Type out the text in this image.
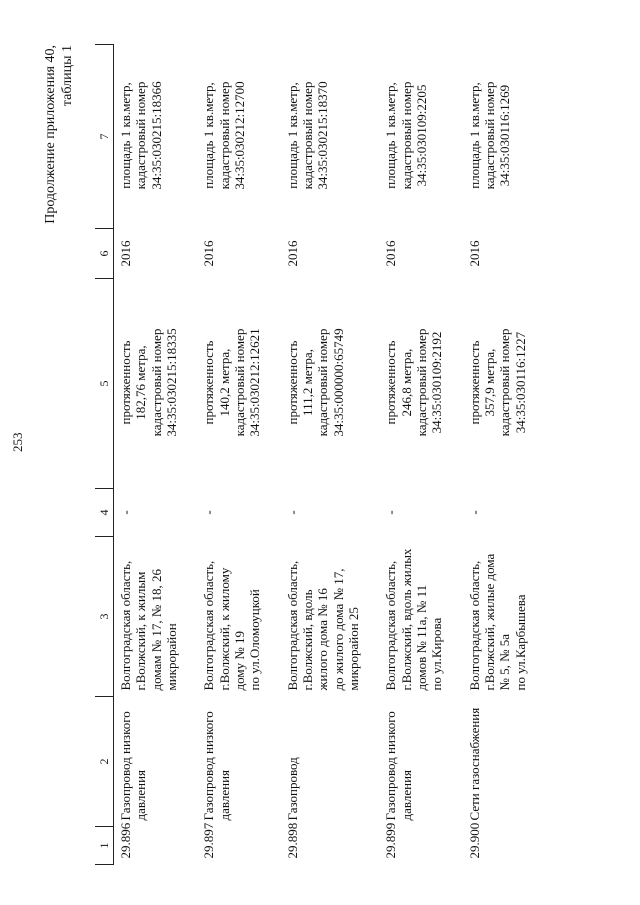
253
Продолжение приложения 40, таблицы 1
1	2	3	4	5	6	7
29.896	Газопровод низкого давления	Волгоградская область, г.Волжский, к жилым домам № 17, № 18, 26 микрорайон	-	протяженность 182,76 метра, кадастровый номер 34:35:030215:18335	2016	площадь 1 кв.метр, кадастровый номер 34:35:030215:18366

29.897	Газопровод низкого давления	Волгоградская область, г.Волжский, к жилому дому № 19 по ул.Оломоуцкой	-	протяженность 140,2 метра, кадастровый номер 34:35:030212:12621	2016	площадь 1 кв.метр, кадастровый номер 34:35:030212:12700

29.898	Газопровод	Волгоградская область, г.Волжский, вдоль жилого дома № 16 до жилого дома № 17, микрорайон 25	-	протяженность 111,2 метра, кадастровый номер 34:35:000000:65749	2016	площадь 1 кв.метр, кадастровый номер 34:35:030215:18370

29.899	Газопровод низкого давления	Волгоградская область, г.Волжский, вдоль жилых домов № 11а, № 11 по ул.Кирова	-	протяженность 246,8 метра, кадастровый номер 34:35:030109:2192	2016	площадь 1 кв.метр, кадастровый номер 34:35:030109:2205

29.900	Сети газоснабжения	Волгоградская область, г.Волжский, жилые дома № 5, № 5а по ул.Карбышева	-	протяженность 357,9 метра, кадастровый номер 34:35:030116:1227	2016	площадь 1 кв.метр, кадастровый номер 34:35:030116:1269
